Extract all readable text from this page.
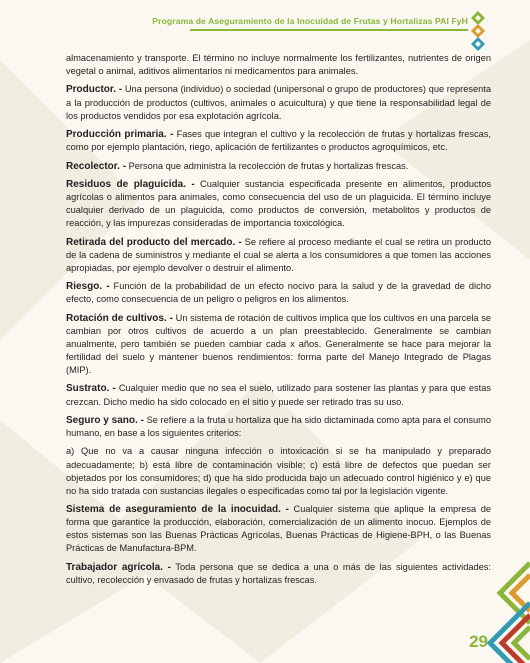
Programa de Aseguramiento de la Inocuidad de Frutas y Hortalizas PAI FyH

almacenamiento y transporte. El término no incluye normalmente los fertilizantes, nutrientes de origen vegetal o animal, aditivos alimentarios ni medicamentos para animales.

Productor. - Una persona (individuo) o sociedad (unipersonal o grupo de productores) que representa a la producción de productos (cultivos, animales o acuicultura) y que tiene la responsabilidad legal de los productos vendidos por esa explotación agrícola.

Producción primaria. - Fases que integran el cultivo y la recolección de frutas y hortalizas frescas, como por ejemplo plantación, riego, aplicación de fertilizantes o productos agroquímicos, etc.

Recolector. - Persona que administra la recolección de frutas y hortalizas frescas.

Residuos de plaguicida. - Cualquier sustancia especificada presente en alimentos, productos agrícolas o alimentos para animales, como consecuencia del uso de un plaguicida. El término incluye cualquier derivado de un plaguicida, como productos de conversión, metabolitos y productos de reacción, y las impurezas consideradas de importancia toxicológica.

Retirada del producto del mercado. - Se refiere al proceso mediante el cual se retira un producto de la cadena de suministros y mediante el cual se alerta a los consumidores a que tomen las acciones apropiadas, por ejemplo devolver o destruir el alimento.

Riesgo. - Función de la probabilidad de un efecto nocivo para la salud y de la gravedad de dicho efecto, como consecuencia de un peligro o peligros en los alimentos.

Rotación de cultivos. - Un sistema de rotación de cultivos implica que los cultivos en una parcela se cambian por otros cultivos de acuerdo a un plan preestablecido. Generalmente se cambian anualmente, pero también se pueden cambiar cada x años. Generalmente se hace para mejorar la fertilidad del suelo y mantener buenos rendimientos: forma parte del Manejo Integrado de Plagas (MIP).

Sustrato. - Cualquier medio que no sea el suelo, utilizado para sostener las plantas y para que estas crezcan. Dicho medio ha sido colocado en el sitio y puede ser retirado tras su uso.

Seguro y sano. - Se refiere a la fruta u hortaliza que ha sido dictaminada como apta para el consumo humano, en base a los siguientes criterios:

a) Que no va a causar ninguna infección o intoxicación si se ha manipulado y preparado adecuadamente; b) está libre de contaminación visible; c) está libre de defectos que puedan ser objetados por los consumidores; d) que ha sido producida bajo un adecuado control higiénico y e) que no ha sido tratada con sustancias ilegales o especificadas como tal por la legislación vigente.

Sistema de aseguramiento de la inocuidad. - Cualquier sistema que aplique la empresa de forma que garantice la producción, elaboración, comercialización de un alimento inocuo. Ejemplos de estos sistemas son las Buenas Prácticas Agrícolas, Buenas Prácticas de Higiene-BPH, o las Buenas Prácticas de Manufactura-BPM.

Trabajador agrícola. - Toda persona que se dedica a una o más de las siguientes actividades: cultivo, recolección y envasado de frutas y hortalizas frescas.

29
